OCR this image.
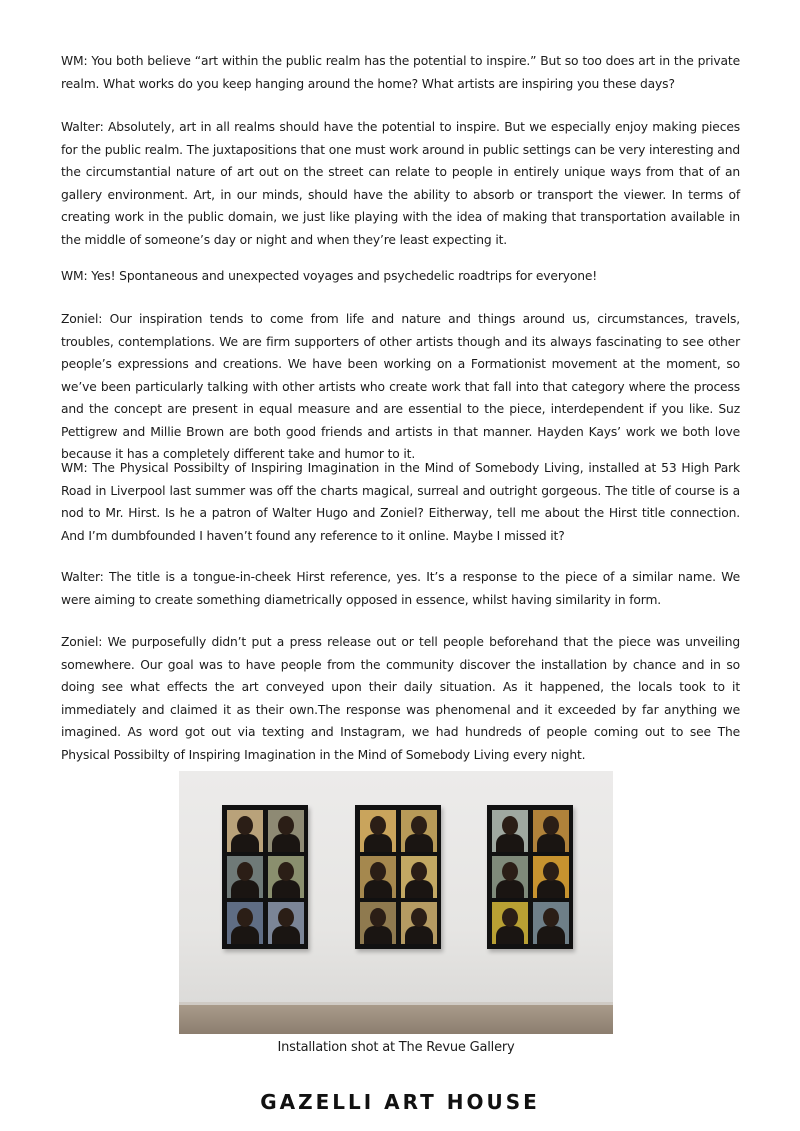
WM: You both believe “art within the public realm has the potential to inspire.” But so too does art in the private realm. What works do you keep hanging around the home? What artists are inspiring you these days?

Walter: Absolutely, art in all realms should have the potential to inspire. But we especially enjoy making pieces for the public realm. The juxtapositions that one must work around in public settings can be very interesting and the circumstantial nature of art out on the street can relate to people in entirely unique ways from that of an gallery environment. Art, in our minds, should have the ability to absorb or transport the viewer. In terms of creating work in the public domain, we just like playing with the idea of making that transportation available in the middle of someone’s day or night and when they’re least expecting it.

WM: Yes! Spontaneous and unexpected voyages and psychedelic roadtrips for everyone!

Zoniel: Our inspiration tends to come from life and nature and things around us, circumstances, travels, troubles, contemplations. We are firm supporters of other artists though and its always fascinating to see other people’s expressions and creations. We have been working on a Formationist movement at the moment, so we’ve been particularly talking with other artists who create work that fall into that category where the process and the concept are present in equal measure and are essential to the piece, interdependent if you like. Suz Pettigrew and Millie Brown are both good friends and artists in that manner. Hayden Kays’ work we both love because it has a completely different take and humor to it.

WM: The Physical Possibilty of Inspiring Imagination in the Mind of Somebody Living, installed at 53 High Park Road in Liverpool last summer was off the charts magical, surreal and outright gorgeous. The title of course is a nod to Mr. Hirst. Is he a patron of Walter Hugo and Zoniel? Eitherway, tell me about the Hirst title connection. And I’m dumbfounded I haven’t found any reference to it online. Maybe I missed it?

Walter: The title is a tongue-in-cheek Hirst reference, yes. It’s a response to the piece of a similar name. We were aiming to create something diametrically opposed in essence, whilst having similarity in form.

Zoniel: We purposefully didn’t put a press release out or tell people beforehand that the piece was unveiling somewhere. Our goal was to have people from the community discover the installation by chance and in so doing see what effects the art conveyed upon their daily situation. As it happened, the locals took to it immediately and claimed it as their own.The response was phenomenal and it exceeded by far anything we imagined. As word got out via texting and Instagram, we had hundreds of people coming out to see The Physical Possibilty of Inspiring Imagination in the Mind of Somebody Living every night.

Installation shot at The Revue Gallery
GAZELLI ART HOUSE
